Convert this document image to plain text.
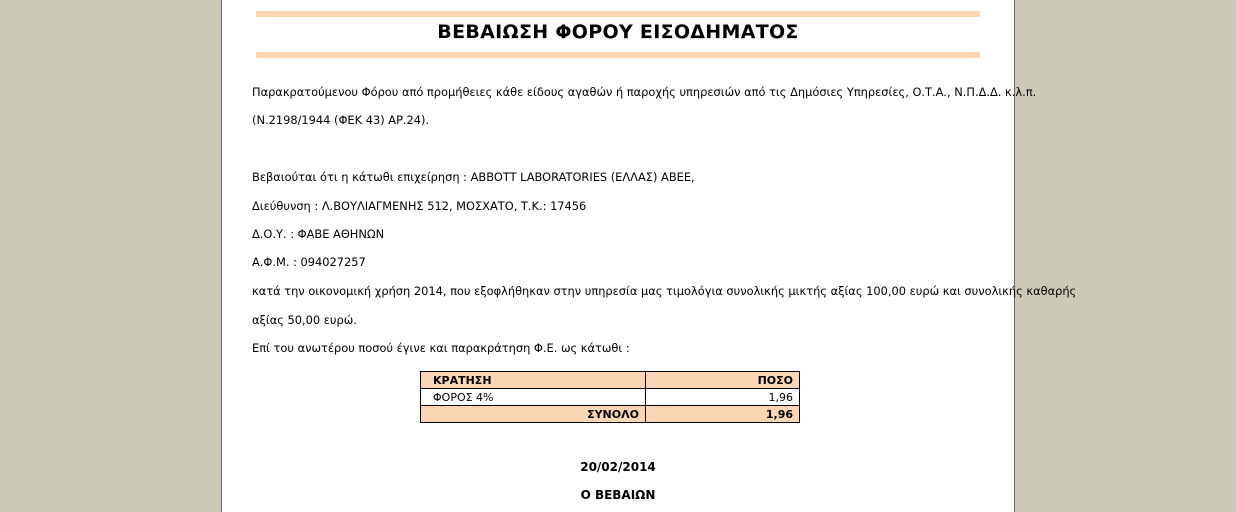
ΒΕΒΑΙΩΣΗ ΦΟΡΟΥ ΕΙΣΟΔΗΜΑΤΟΣ
Παρακρατούμενου Φόρου από προμήθειες κάθε είδους αγαθών ή παροχής υπηρεσιών από τις Δημόσιες Υπηρεσίες, Ο.Τ.Α., Ν.Π.Δ.Δ. κ.λ.π.
(Ν.2198/1944 (ΦΕΚ 43) ΑΡ.24).
Βεβαιούται ότι η κάτωθι επιχείρηση : ABBOTT LABORATORIES (ΕΛΛΑΣ) ΑΒΕΕ,
Διεύθυνση : Λ.ΒΟΥΛΙΑΓΜΕΝΗΣ 512, ΜΟΣΧΑΤΟ, Τ.Κ.: 17456
Δ.Ο.Υ. : ΦΑΒΕ ΑΘΗΝΩΝ
Α.Φ.Μ. : 094027257
κατά την οικονομική χρήση 2014, που εξοφλήθηκαν στην υπηρεσία μας τιμολόγια συνολικής μικτής αξίας 100,00 ευρώ και συνολικής καθαρής
αξίας 50,00 ευρώ.
Επί του ανωτέρου ποσού έγινε και παρακράτηση Φ.Ε. ως κάτωθι :
ΚΡΑΤΗΣΗ	ΠΟΣΟ
ΦΟΡΟΣ 4%	1,96
ΣΥΝΟΛΟ	1,96
20/02/2014
Ο ΒΕΒΑΙΩΝ
